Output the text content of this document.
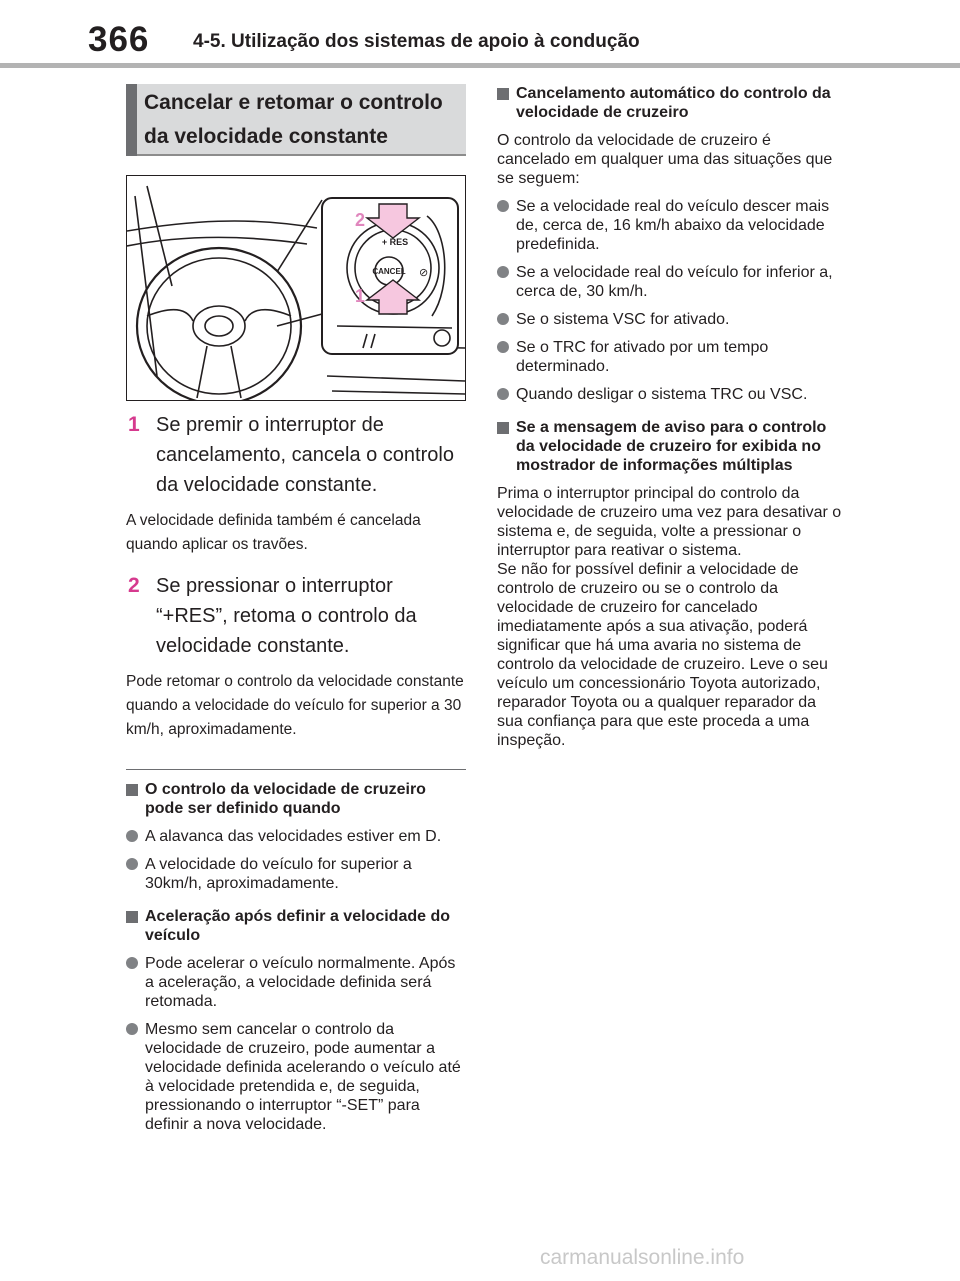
366 4-5. Utilização dos sistemas de apoio à condução
Cancelar e retomar o controlo da velocidade constante
CANCEL
+ RES
⊘
2
1
1 Se premir o interruptor de cancelamento, cancela o controlo da velocidade constante.
A velocidade definida também é cancelada quando aplicar os travões.
2 Se pressionar o interruptor “+RES”, retoma o controlo da velocidade constante.
Pode retomar o controlo da velocidade constante quando a velocidade do veículo for superior a 30 km/h, aproximadamente.
O controlo da velocidade de cruzeiro pode ser definido quando
A alavanca das velocidades estiver em D.
A velocidade do veículo for superior a 30km/h, aproximadamente.
Aceleração após definir a velocidade do veículo
Pode acelerar o veículo normalmente. Após a aceleração, a velocidade definida será retomada.
Mesmo sem cancelar o controlo da velocidade de cruzeiro, pode aumentar a velocidade definida acelerando o veículo até à velocidade pretendida e, de seguida, pressionando o interruptor “-SET” para definir a nova velocidade.
Cancelamento automático do controlo da velocidade de cruzeiro
O controlo da velocidade de cruzeiro é cancelado em qualquer uma das situações que se seguem:
Se a velocidade real do veículo descer mais de, cerca de, 16 km/h abaixo da velocidade predefinida.
Se a velocidade real do veículo for inferior a, cerca de, 30 km/h.
Se o sistema VSC for ativado.
Se o TRC for ativado por um tempo determinado.
Quando desligar o sistema TRC ou VSC.
Se a mensagem de aviso para o controlo da velocidade de cruzeiro for exibida no mostrador de informações múltiplas
Prima o interruptor principal do controlo da velocidade de cruzeiro uma vez para desativar o sistema e, de seguida, volte a pressionar o interruptor para reativar o sistema.
Se não for possível definir a velocidade de controlo de cruzeiro ou se o controlo da velocidade de cruzeiro for cancelado imediatamente após a sua ativação, poderá significar que há uma avaria no sistema de controlo da velocidade de cruzeiro. Leve o seu veículo um concessionário Toyota autorizado, reparador Toyota ou a qualquer reparador da sua confiança para que este proceda a uma inspeção.
carmanualsonline.info
